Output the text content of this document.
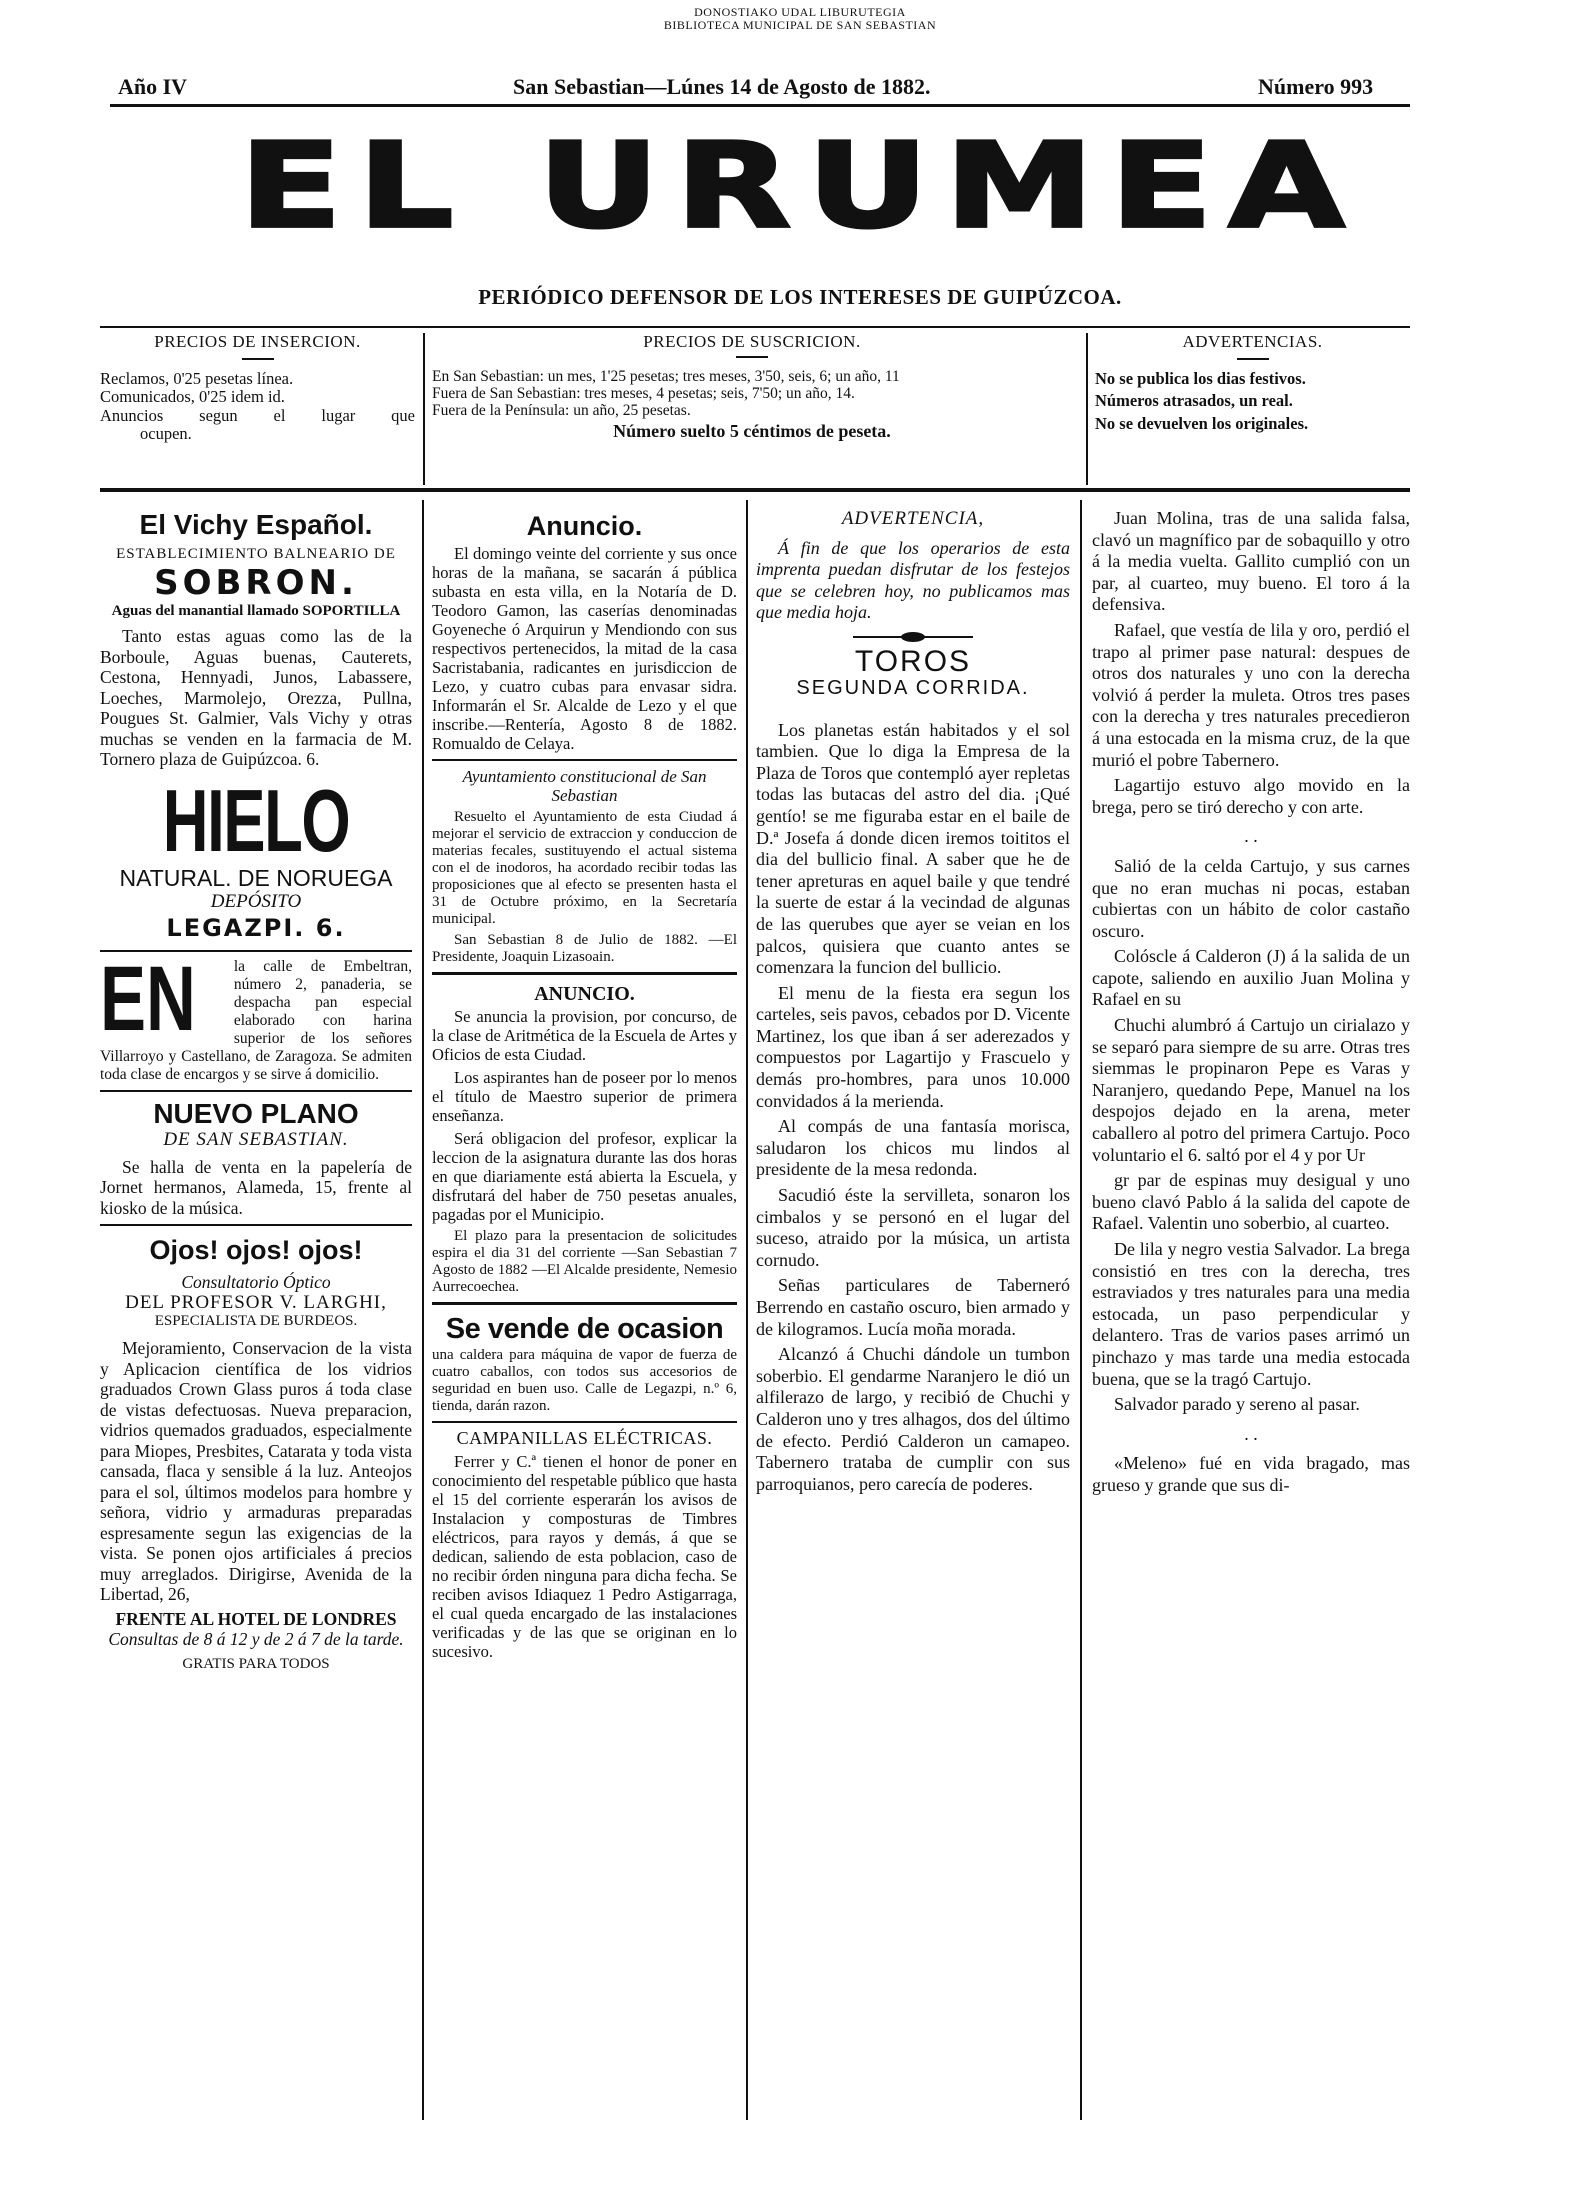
DONOSTIAKO UDAL LIBURUTEGIA
BIBLIOTECA MUNICIPAL DE SAN SEBASTIAN
Año IV	San Sebastian—Lúnes 14 de Agosto de 1882.	Número 993
EL URUMEA
PERIÓDICO DEFENSOR DE LOS INTERESES DE GUIPÚZCOA.
PRECIOS DE INSERCION.
Reclamos, 0'25 pesetas línea.
Comunicados, 0'25 idem id.
Anuncios segun el lugar que
ocupen.
PRECIOS DE SUSCRICION.
En San Sebastian: un mes, 1'25 pesetas; tres meses, 3'50, seis, 6; un año, 11
Fuera de San Sebastian: tres meses, 4 pesetas; seis, 7'50; un año, 14.
Fuera de la Península: un año, 25 pesetas.
Número suelto 5 céntimos de peseta.
ADVERTENCIAS.
No se publica los dias festivos.
Números atrasados, un real.
No se devuelven los originales.
El Vichy Español.
ESTABLECIMIENTO BALNEARIO DE
SOBRON.
Aguas del manantial llamado SOPORTILLA

Tanto estas aguas como las de la Borboule, Aguas buenas, Cauterets, Cestona, Hennyadi, Junos, Labassere, Loeches, Marmolejo, Orezza, Pullna, Pougues St. Galmier, Vals Vichy y otras muchas se venden en la farmacia de M. Tornero plaza de Guipúzcoa. 6.

HIELO
NATURAL. DE NORUEGA
DEPÓSITO
LEGAZPI. 6.
EN la calle de Embeltran, número 2, panaderia, se despacha pan especial elaborado con harina superior de los señores Villarroyo y Castellano, de Zaragoza. Se admiten toda clase de encargos y se sirve á domicilio.
NUEVO PLANO
DE SAN SEBASTIAN.

Se halla de venta en la papelería de Jornet hermanos, Alameda, 15, frente al kiosko de la música.

Ojos! ojos! ojos!
Consultatorio Óptico
DEL PROFESOR V. LARGHI,
ESPECIALISTA DE BURDEOS.

Mejoramiento, Conservacion de la vista y Aplicacion científica de los vidrios graduados Crown Glass puros á toda clase de vistas defectuosas. Nueva preparacion, vidrios quemados graduados, especialmente para Miopes, Presbites, Catarata y toda vista cansada, flaca y sensible á la luz. Anteojos para el sol, últimos modelos para hombre y señora, vidrio y armaduras preparadas espresamente segun las exigencias de la vista. Se ponen ojos artificiales á precios muy arreglados. Dirigirse, Avenida de la Libertad, 26,

FRENTE AL HOTEL DE LONDRES
Consultas de 8 á 12 y de 2 á 7 de la tarde.
GRATIS PARA TODOS
Anuncio.

El domingo veinte del corriente y sus once horas de la mañana, se sacarán á pública subasta en esta villa, en la Notaría de D. Teodoro Gamon, las caserías denominadas Goyeneche ó Arquirun y Mendiondo con sus respectivos pertenecidos, la mitad de la casa Sacristabania, radicantes en jurisdiccion de Lezo, y cuatro cubas para envasar sidra. Informarán el Sr. Alcalde de Lezo y el que inscribe.—Rentería, Agosto 8 de 1882. Romualdo de Celaya.

Ayuntamiento constitucional de San Sebastian

Resuelto el Ayuntamiento de esta Ciudad á mejorar el servicio de extraccion y conduccion de materias fecales, sustituyendo el actual sistema con el de inodoros, ha acordado recibir todas las proposiciones que al efecto se presenten hasta el 31 de Octubre próximo, en la Secretaría municipal.

San Sebastian 8 de Julio de 1882. —El Presidente, Joaquin Lizasoain.

ANUNCIO.

Se anuncia la provision, por concurso, de la clase de Aritmética de la Escuela de Artes y Oficios de esta Ciudad.

Los aspirantes han de poseer por lo menos el título de Maestro superior de primera enseñanza.

Será obligacion del profesor, explicar la leccion de la asignatura durante las dos horas en que diariamente está abierta la Escuela, y disfrutará del haber de 750 pesetas anuales, pagadas por el Municipio.

El plazo para la presentacion de solicitudes espira el dia 31 del corriente —San Sebastian 7 Agosto de 1882 —El Alcalde presidente, Nemesio Aurrecoechea.

Se vende de ocasion

una caldera para máquina de vapor de fuerza de cuatro caballos, con todos sus accesorios de seguridad en buen uso. Calle de Legazpi, n.º 6, tienda, darán razon.

CAMPANILLAS ELÉCTRICAS.

Ferrer y C.ª tienen el honor de poner en conocimiento del respetable público que hasta el 15 del corriente esperarán los avisos de Instalacion y composturas de Timbres eléctricos, para rayos y demás, á que se dedican, saliendo de esta poblacion, caso de no recibir órden ninguna para dicha fecha. Se reciben avisos Idiaquez 1 Pedro Astigarraga, el cual queda encargado de las instalaciones verificadas y de las que se originan en lo sucesivo.

ADVERTENCIA,

Á fin de que los operarios de esta imprenta puedan disfrutar de los festejos que se celebren hoy, no publicamos mas que media hoja.

TOROS
SEGUNDA CORRIDA.

Los planetas están habitados y el sol tambien. Que lo diga la Empresa de la Plaza de Toros que contempló ayer repletas todas las butacas del astro del dia. ¡Qué gentío! se me figuraba estar en el baile de D.ª Josefa á donde dicen iremos toititos el dia del bullicio final. A saber que he de tener apreturas en aquel baile y que tendré la suerte de estar á la vecindad de algunas de las querubes que ayer se veian en los palcos, quisiera que cuanto antes se comenzara la funcion del bullicio.

El menu de la fiesta era segun los carteles, seis pavos, cebados por D. Vicente Martinez, los que iban á ser aderezados y compuestos por Lagartijo y Frascuelo y demás pro-hombres, para unos 10.000 convidados á la merienda.

Al compás de una fantasía morisca, saludaron los chicos mu lindos al presidente de la mesa redonda.

Sacudió éste la servilleta, sonaron los cimbalos y se personó en el lugar del suceso, atraido por la música, un artista cornudo.

Señas particulares de Taberneró Berrendo en castaño oscuro, bien armado y de kilogramos. Lucía moña morada.

Alcanzó á Chuchi dándole un tumbon soberbio. El gendarme Naranjero le dió un alfilerazo de largo, y recibió de Chuchi y Calderon uno y tres alhagos, dos del último de efecto. Perdió Calderon un camapeo. Tabernero trataba de cumplir con sus parroquianos, pero carecía de poderes.

Juan Molina, tras de una salida falsa, clavó un magnífico par de sobaquillo y otro á la media vuelta. Gallito cumplió con un par, al cuarteo, muy bueno. El toro á la defensiva.

Rafael, que vestía de lila y oro, perdió el trapo al primer pase natural: despues de otros dos naturales y uno con la derecha volvió á perder la muleta. Otros tres pases con la derecha y tres naturales precedieron á una estocada en la misma cruz, de la que murió el pobre Tabernero.

Lagartijo estuvo algo movido en la brega, pero se tiró derecho y con arte.

. .

Salió de la celda Cartujo, y sus carnes que no eran muchas ni pocas, estaban cubiertas con un hábito de color castaño oscuro.

Colóscle á Calderon (J) á la salida de un capote, saliendo en auxilio Juan Molina y Rafael en su

Chuchi alumbró á Cartujo un cirialazo y se separó para siempre de su arre. Otras tres siemmas le propinaron Pepe es Varas y Naranjero, quedando Pepe, Manuel na los despojos dejado en la arena, meter caballero al potro del primera Cartujo. Poco voluntario el 6. saltó por el 4 y por Ur

gr par de espinas muy desigual y uno bueno clavó Pablo á la salida del capote de Rafael. Valentin uno soberbio, al cuarteo.

De lila y negro vestia Salvador. La brega consistió en tres con la derecha, tres estraviados y tres naturales para una media estocada, un paso perpendicular y delantero. Tras de varios pases arrimó un pinchazo y mas tarde una media estocada buena, que se la tragó Cartujo.

Salvador parado y sereno al pasar.

. .

«Meleno» fué en vida bragado, mas grueso y grande que sus di-
